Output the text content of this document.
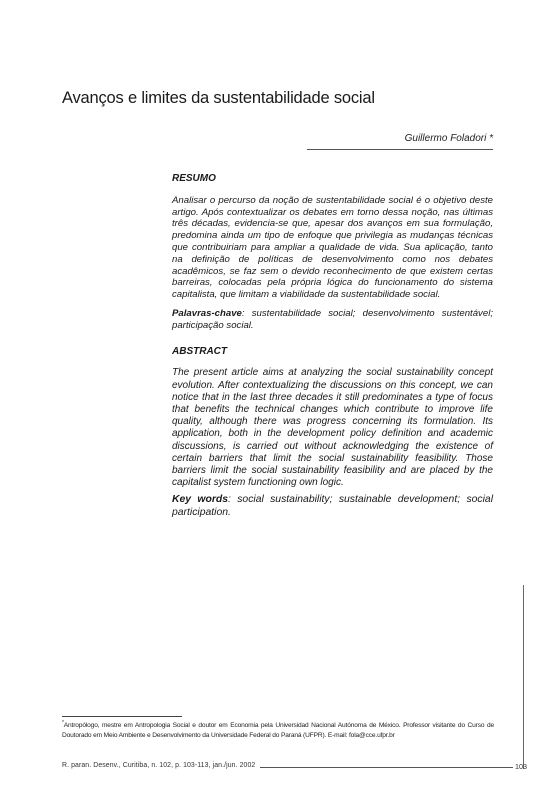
Avanços e limites da sustentabilidade social
Guillermo Foladori *
RESUMO

Analisar o percurso da noção de sustentabilidade social é o objetivo deste artigo. Após contextualizar os debates em torno dessa noção, nas últimas três décadas, evidencia-se que, apesar dos avanços em sua formulação, predomina ainda um tipo de enfoque que privilegia as mudanças técnicas que contribuiriam para ampliar a qualidade de vida. Sua aplicação, tanto na definição de políticas de desenvolvimento como nos debates acadêmicos, se faz sem o devido reconhecimento de que existem certas barreiras, colocadas pela própria lógica do funcionamento do sistema capitalista, que limitam a viabilidade da sustentabilidade social.

Palavras-chave: sustentabilidade social; desenvolvimento sustentável; participação social.

ABSTRACT

The present article aims at analyzing the social sustainability concept evolution. After contextualizing the discussions on this concept, we can notice that in the last three decades it still predominates a type of focus that benefits the technical changes which contribute to improve life quality, although there was progress concerning its formulation. Its application, both in the development policy definition and academic discussions, is carried out without acknowledging the existence of certain barriers that limit the social sustainability feasibility. Those barriers limit the social sustainability feasibility and are placed by the capitalist system functioning own logic.

Key words: social sustainability; sustainable development; social participation.

*Antropólogo, mestre em Antropologia Social e doutor em Economia pela Universidad Nacional Autónoma de México. Professor visitante do Curso de Doutorado em Meio Ambiente e Desenvolvimento da Universidade Federal do Paraná (UFPR). E-mail: fola@cce.ufpr.br
R. paran. Desenv., Curitiba, n. 102, p. 103-113, jan./jun. 2002	103
